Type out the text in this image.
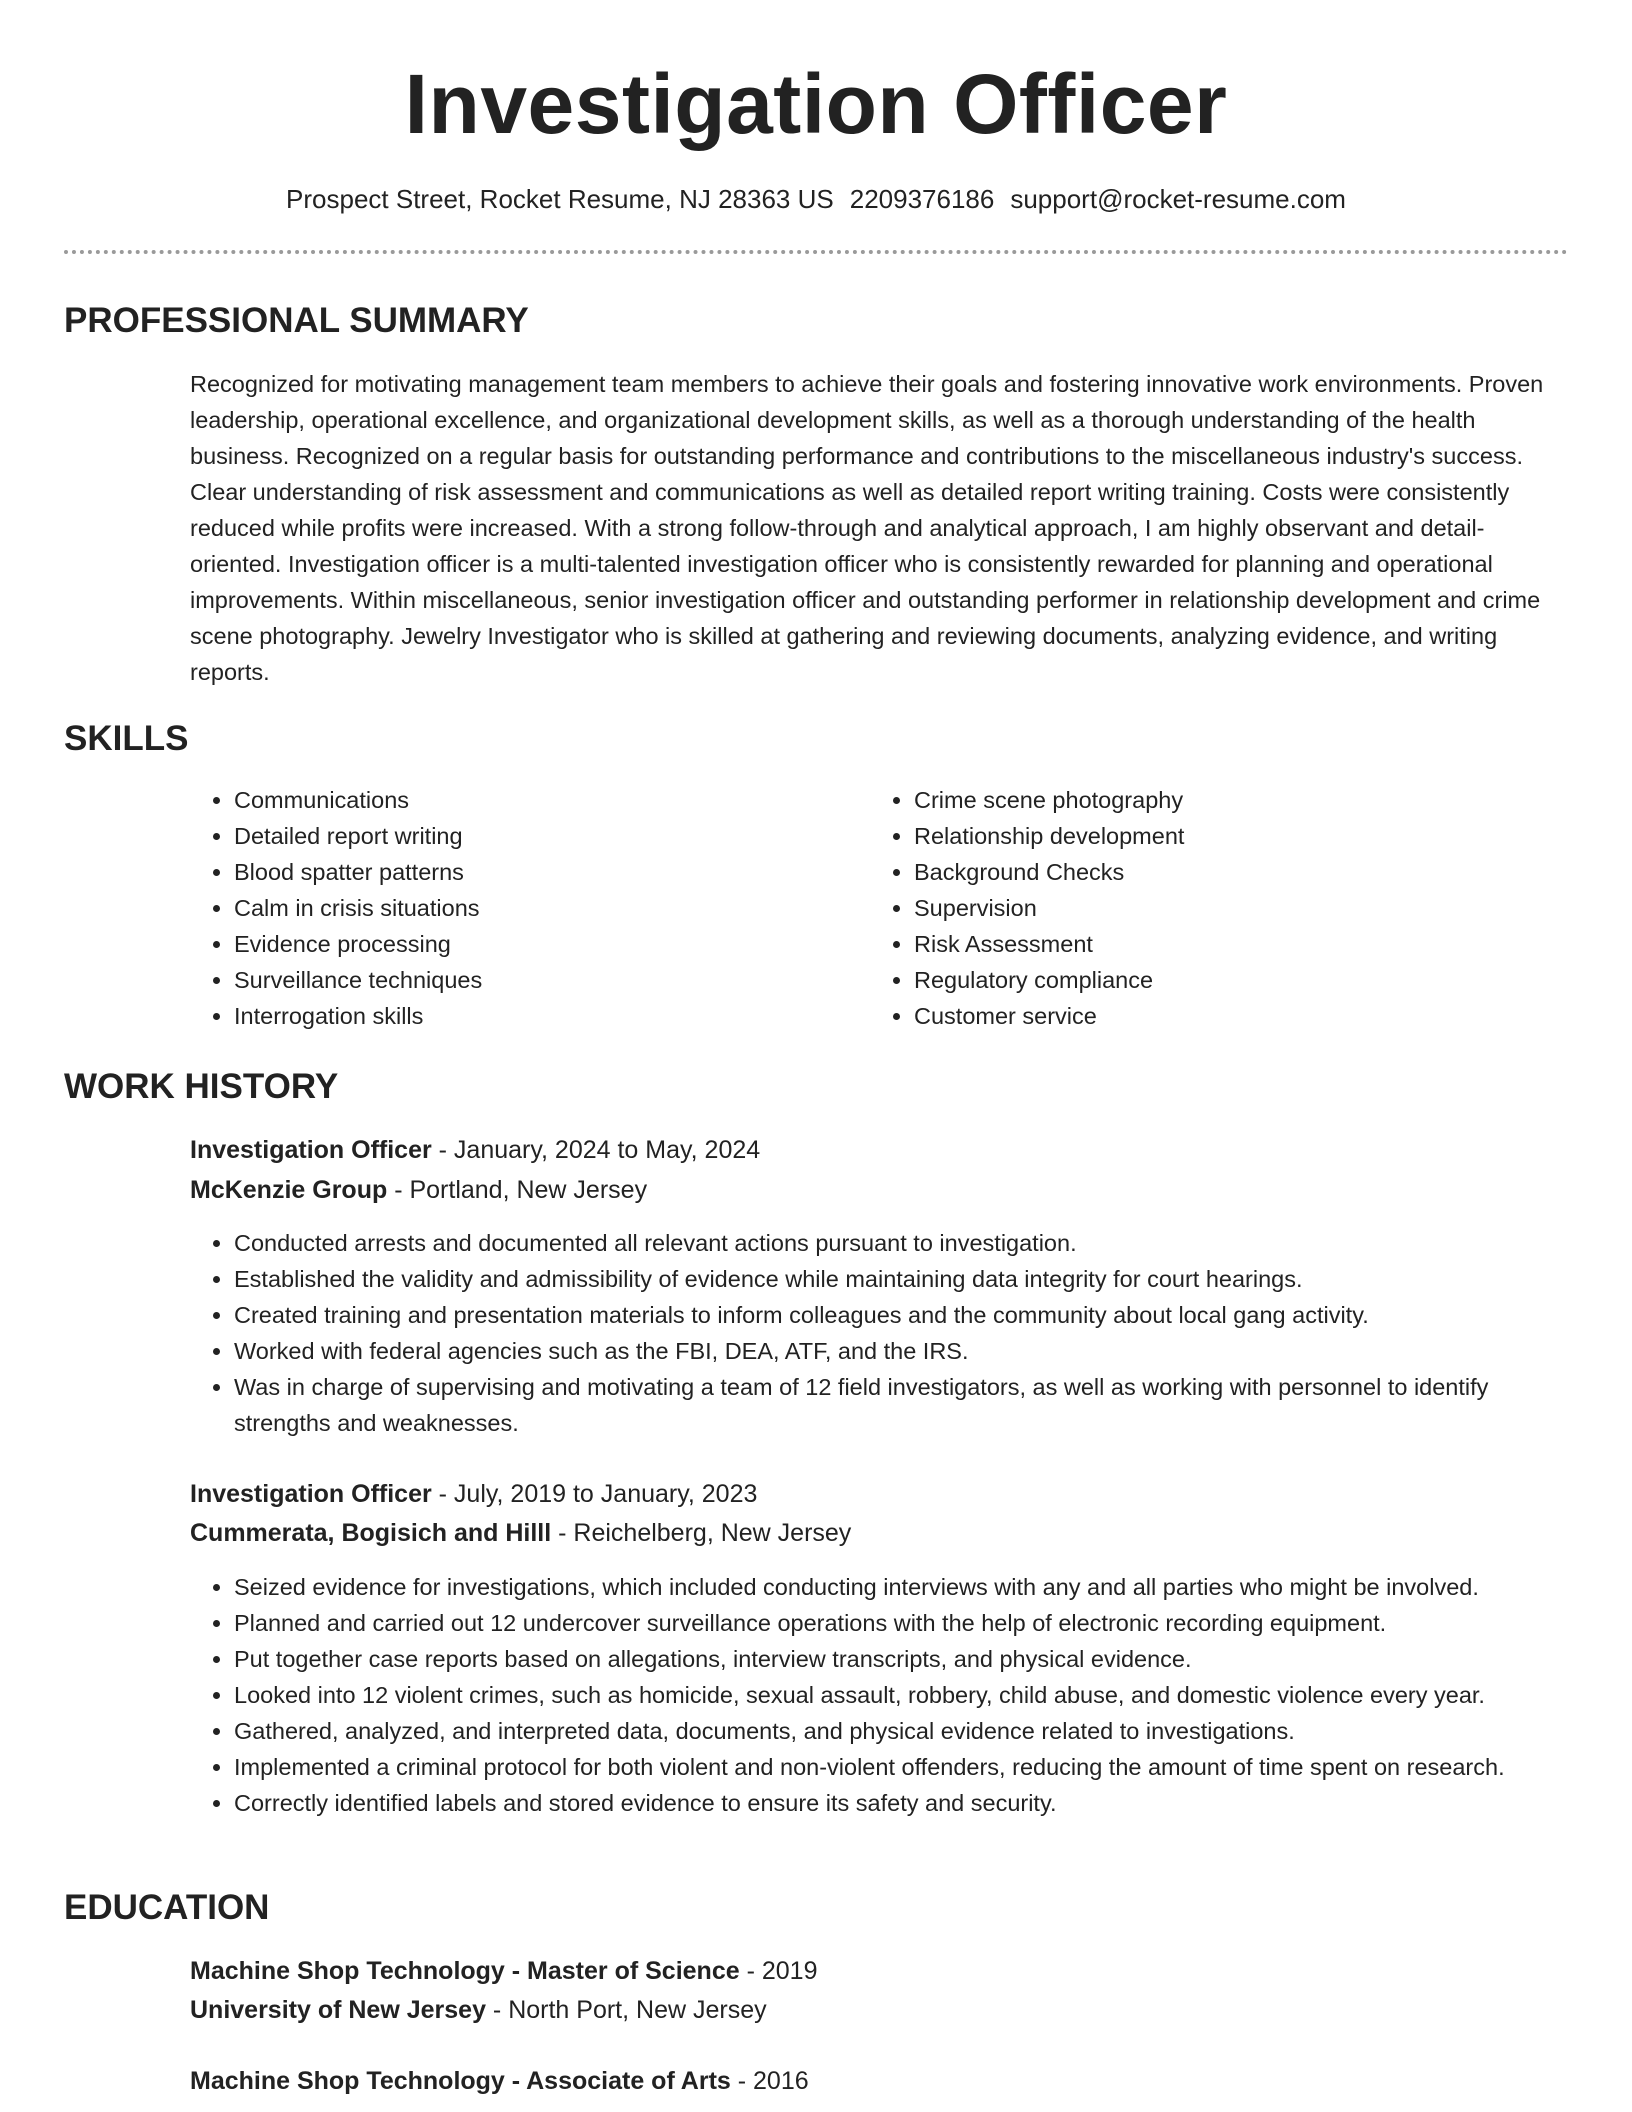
Investigation Officer
Prospect Street, Rocket Resume, NJ 28363 US 2209376186 support@rocket-resume.com
PROFESSIONAL SUMMARY

Recognized for motivating management team members to achieve their goals and fostering innovative work environments. Proven leadership, operational excellence, and organizational development skills, as well as a thorough understanding of the health business. Recognized on a regular basis for outstanding performance and contributions to the miscellaneous industry's success. Clear understanding of risk assessment and communications as well as detailed report writing training. Costs were consistently reduced while profits were increased. With a strong follow-through and analytical approach, I am highly observant and detail-oriented. Investigation officer is a multi-talented investigation officer who is consistently rewarded for planning and operational improvements. Within miscellaneous, senior investigation officer and outstanding performer in relationship development and crime scene photography. Jewelry Investigator who is skilled at gathering and reviewing documents, analyzing evidence, and writing reports.

SKILLS
• Communications
• Detailed report writing
• Blood spatter patterns
• Calm in crisis situations
• Evidence processing
• Surveillance techniques
• Interrogation skills
• Crime scene photography
• Relationship development
• Background Checks
• Supervision
• Risk Assessment
• Regulatory compliance
• Customer service
WORK HISTORY
Investigation Officer - January, 2024 to May, 2024
McKenzie Group - Portland, New Jersey
• Conducted arrests and documented all relevant actions pursuant to investigation.
• Established the validity and admissibility of evidence while maintaining data integrity for court hearings.
• Created training and presentation materials to inform colleagues and the community about local gang activity.
• Worked with federal agencies such as the FBI, DEA, ATF, and the IRS.
• Was in charge of supervising and motivating a team of 12 field investigators, as well as working with personnel to identify strengths and weaknesses.
Investigation Officer - July, 2019 to January, 2023
Cummerata, Bogisich and Hilll - Reichelberg, New Jersey
• Seized evidence for investigations, which included conducting interviews with any and all parties who might be involved.
• Planned and carried out 12 undercover surveillance operations with the help of electronic recording equipment.
• Put together case reports based on allegations, interview transcripts, and physical evidence.
• Looked into 12 violent crimes, such as homicide, sexual assault, robbery, child abuse, and domestic violence every year.
• Gathered, analyzed, and interpreted data, documents, and physical evidence related to investigations.
• Implemented a criminal protocol for both violent and non-violent offenders, reducing the amount of time spent on research.
• Correctly identified labels and stored evidence to ensure its safety and security.
EDUCATION
Machine Shop Technology - Master of Science - 2019
University of New Jersey - North Port, New Jersey
Machine Shop Technology - Associate of Arts - 2016
